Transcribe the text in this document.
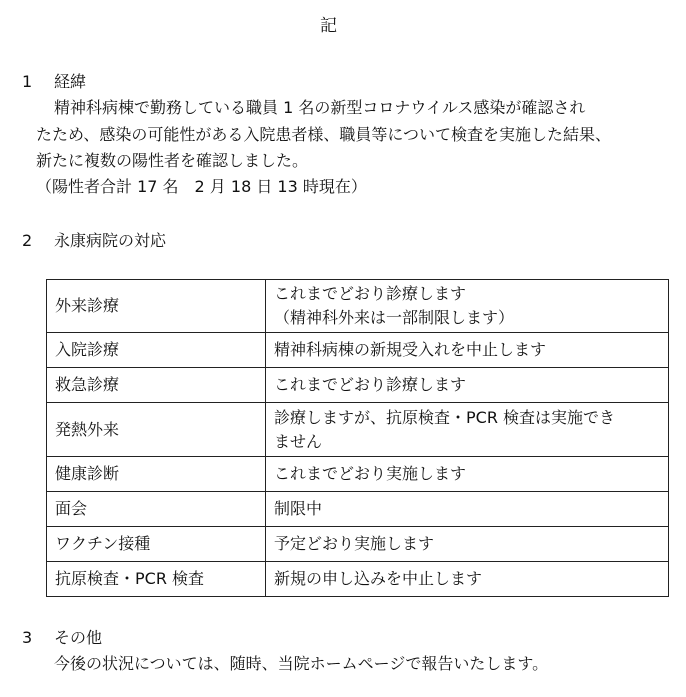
記
1 経緯
精神科病棟で勤務している職員 1 名の新型コロナウイルス感染が確認され
たため、感染の可能性がある入院患者様、職員等について検査を実施した結果、
新たに複数の陽性者を確認しました。
（陽性者合計 17 名　2 月 18 日 13 時現在）
2 永康病院の対応
外来診療	これまでどおり診療します
（精神科外来は一部制限します）

入院診療	精神科病棟の新規受入れを中止します

救急診療	これまでどおり診療します

発熱外来	診療しますが、抗原検査・PCR 検査は実施でき
ません

健康診断	これまでどおり実施します

面会	制限中

ワクチン接種	予定どおり実施します

抗原検査・PCR 検査	新規の申し込みを中止します
3 その他
今後の状況については、随時、当院ホームページで報告いたします。
